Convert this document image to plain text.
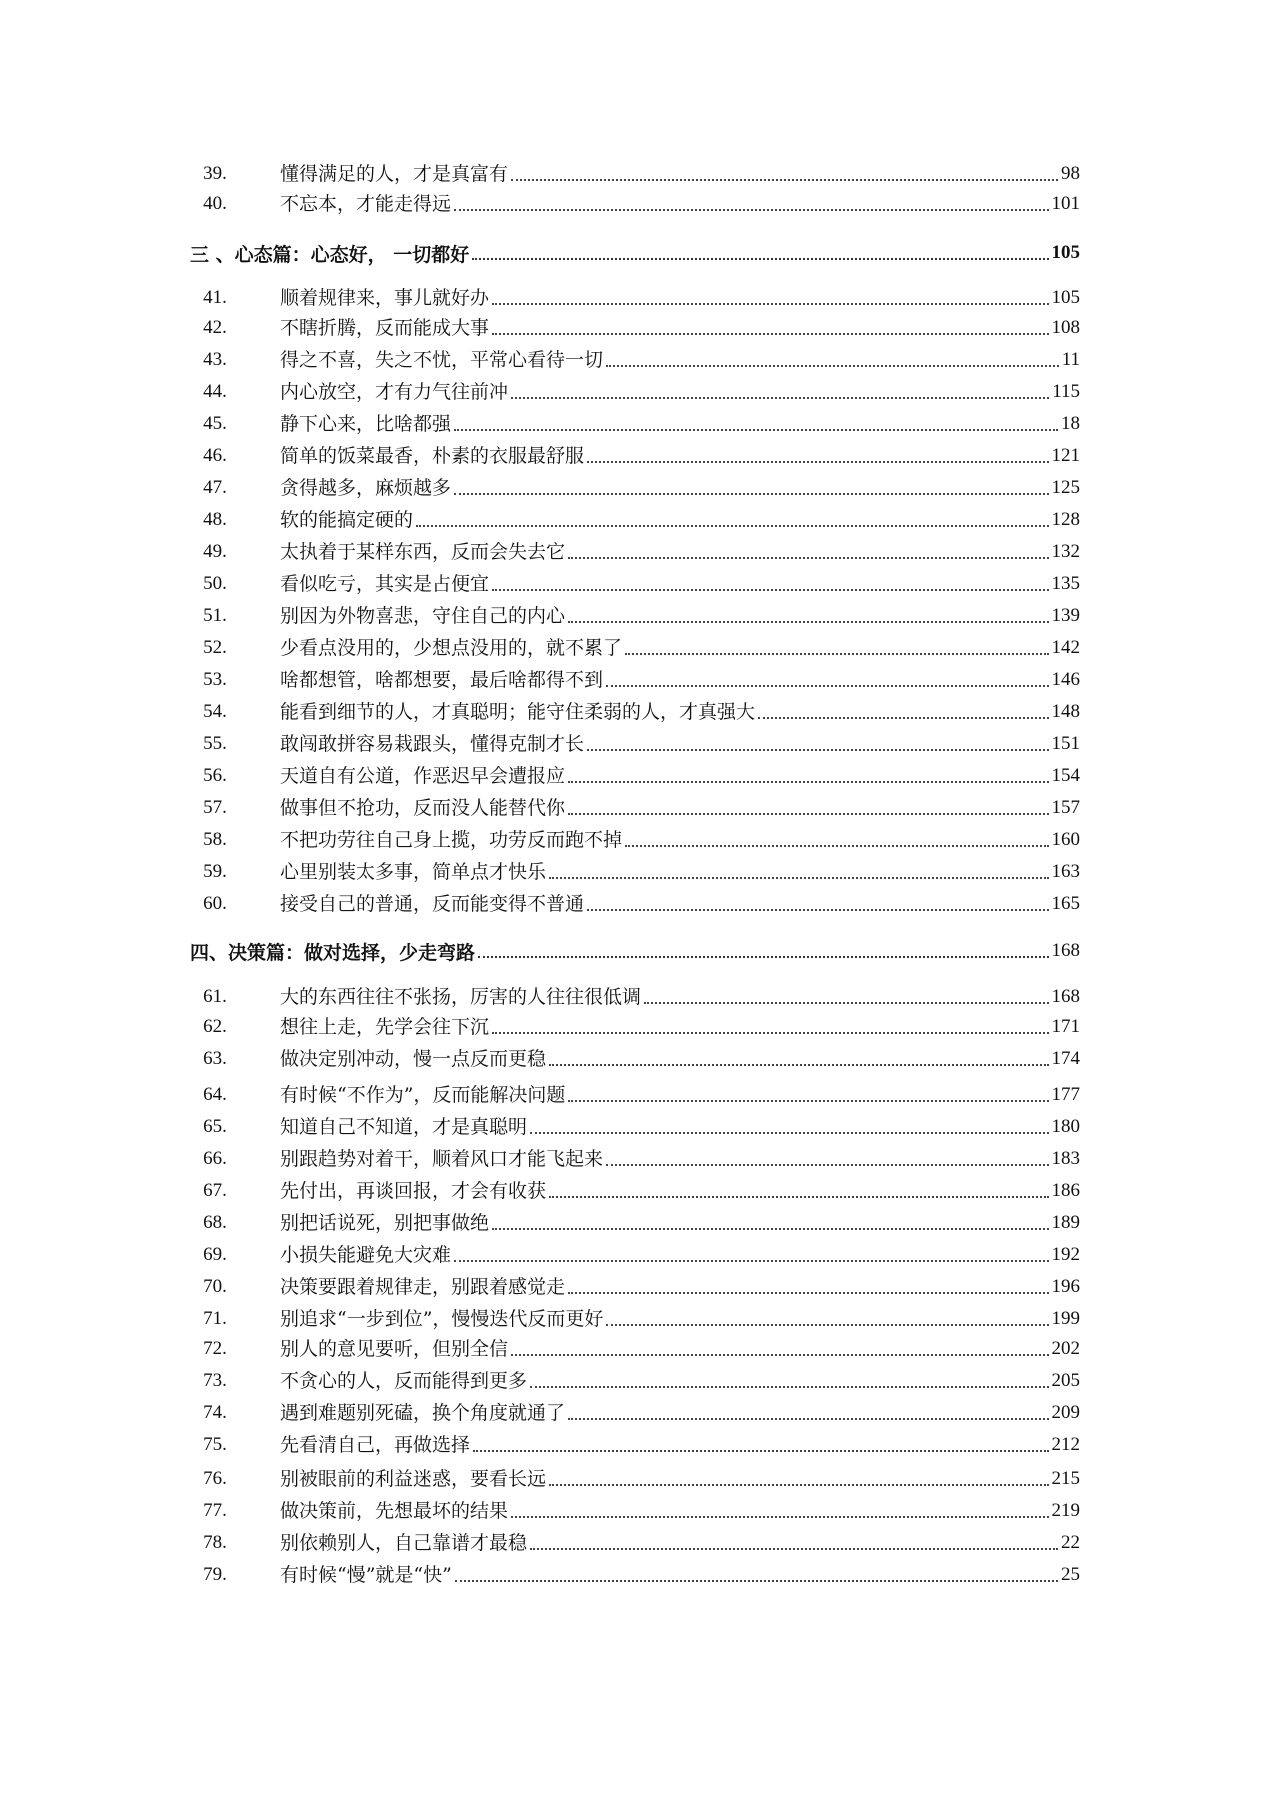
39.	懂得满足的人，才是真富有	98
40.	不忘本，才能走得远	101
三 、心态篇：心态好， 一切都好	105
41.	顺着规律来，事儿就好办	105
42.	不瞎折腾，反而能成大事	108
43.	得之不喜，失之不忧，平常心看待一切	11
44.	内心放空，才有力气往前冲	115
45.	静下心来，比啥都强	18
46.	简单的饭菜最香，朴素的衣服最舒服	121
47.	贪得越多，麻烦越多	125
48.	软的能搞定硬的	128
49.	太执着于某样东西，反而会失去它	132
50.	看似吃亏，其实是占便宜	135
51.	别因为外物喜悲，守住自己的内心	139
52.	少看点没用的，少想点没用的，就不累了	142
53.	啥都想管，啥都想要，最后啥都得不到	146
54.	能看到细节的人，才真聪明；能守住柔弱的人，才真强大	148
55.	敢闯敢拼容易栽跟头，懂得克制才长	151
56.	天道自有公道，作恶迟早会遭报应	154
57.	做事但不抢功，反而没人能替代你	157
58.	不把功劳往自己身上揽，功劳反而跑不掉	160
59.	心里别装太多事，简单点才快乐	163
60.	接受自己的普通，反而能变得不普通	165
四、决策篇：做对选择，少走弯路	168
61.	大的东西往往不张扬，厉害的人往往很低调	168
62.	想往上走，先学会往下沉	171
63.	做决定别冲动，慢一点反而更稳	174
64.	有时候“不作为”，反而能解决问题	177
65.	知道自己不知道，才是真聪明	180
66.	别跟趋势对着干，顺着风口才能飞起来	183
67.	先付出，再谈回报，才会有收获	186
68.	别把话说死，别把事做绝	189
69.	小损失能避免大灾难	192
70.	决策要跟着规律走，别跟着感觉走	196
71.	别追求“一步到位”，慢慢迭代反而更好	199
72.	别人的意见要听，但别全信	202
73.	不贪心的人，反而能得到更多	205
74.	遇到难题别死磕，换个角度就通了	209
75.	先看清自己，再做选择	212
76.	别被眼前的利益迷惑，要看长远	215
77.	做决策前，先想最坏的结果	219
78.	别依赖别人，自己靠谱才最稳	22
79.	有时候“慢”就是“快”	25
